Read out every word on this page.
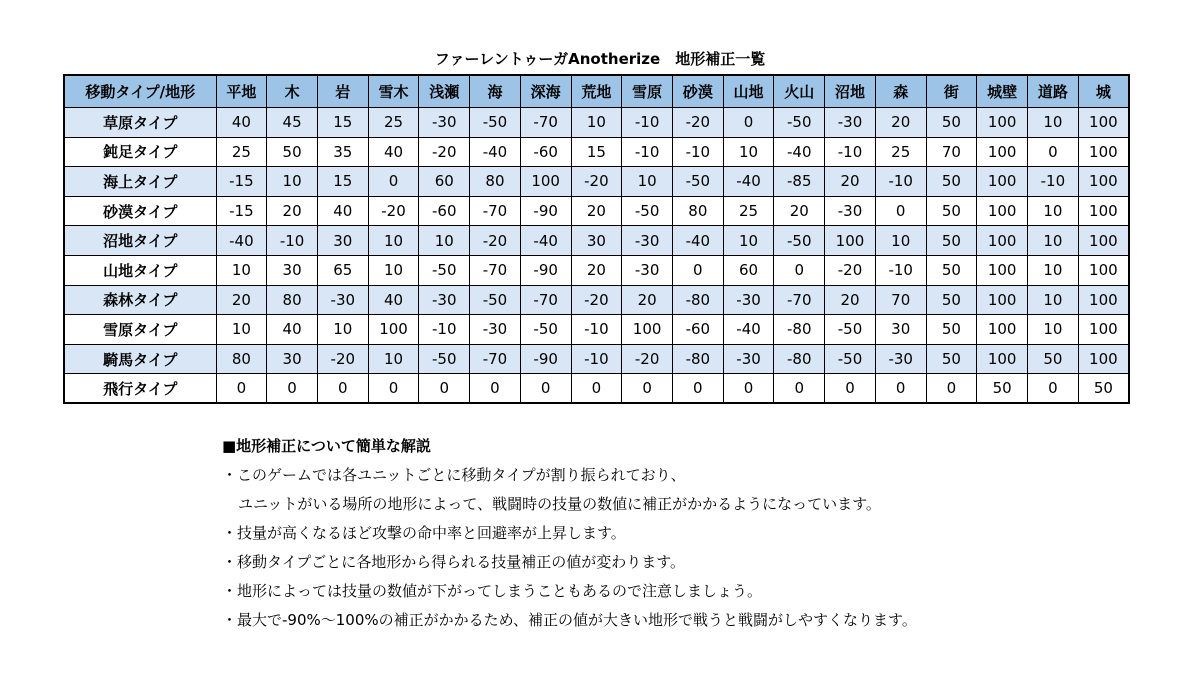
ファーレントゥーガAnotherize　地形補正一覧
移動タイプ/地形	平地	木	岩	雪木	浅瀬	海	深海	荒地	雪原	砂漠	山地	火山	沼地	森	街	城壁	道路	城
草原タイプ	40	45	15	25	-30	-50	-70	10	-10	-20	0	-50	-30	20	50	100	10	100
鈍足タイプ	25	50	35	40	-20	-40	-60	15	-10	-10	10	-40	-10	25	70	100	0	100
海上タイプ	-15	10	15	0	60	80	100	-20	10	-50	-40	-85	20	-10	50	100	-10	100
砂漠タイプ	-15	20	40	-20	-60	-70	-90	20	-50	80	25	20	-30	0	50	100	10	100
沼地タイプ	-40	-10	30	10	10	-20	-40	30	-30	-40	10	-50	100	10	50	100	10	100
山地タイプ	10	30	65	10	-50	-70	-90	20	-30	0	60	0	-20	-10	50	100	10	100
森林タイプ	20	80	-30	40	-30	-50	-70	-20	20	-80	-30	-70	20	70	50	100	10	100
雪原タイプ	10	40	10	100	-10	-30	-50	-10	100	-60	-40	-80	-50	30	50	100	10	100
騎馬タイプ	80	30	-20	10	-50	-70	-90	-10	-20	-80	-30	-80	-50	-30	50	100	50	100
飛行タイプ	0	0	0	0	0	0	0	0	0	0	0	0	0	0	0	50	0	50
■地形補正について簡単な解説
・このゲームでは各ユニットごとに移動タイプが割り振られており、
ユニットがいる場所の地形によって、戦闘時の技量の数値に補正がかかるようになっています。
・技量が高くなるほど攻撃の命中率と回避率が上昇します。
・移動タイプごとに各地形から得られる技量補正の値が変わります。
・地形によっては技量の数値が下がってしまうこともあるので注意しましょう。
・最大で-90%～100%の補正がかかるため、補正の値が大きい地形で戦うと戦闘がしやすくなります。
